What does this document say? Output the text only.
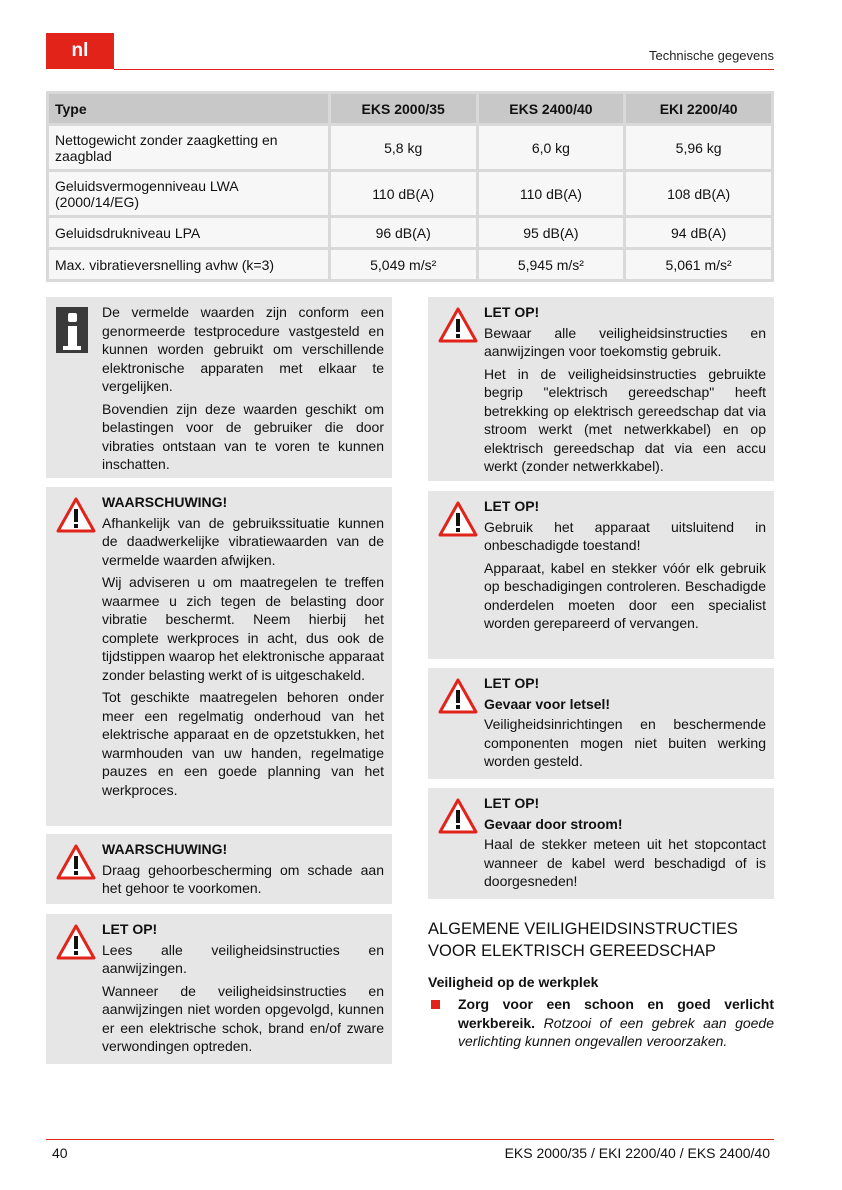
nl	Technische gegevens
Type	EKS 2000/35	EKS 2400/40	EKI 2200/40
Nettogewicht zonder zaagketting en zaagblad	5,8 kg	6,0 kg	5,96 kg
Geluidsvermogenniveau LWA (2000/14/EG)	110 dB(A)	110 dB(A)	108 dB(A)
Geluidsdrukniveau LPA	96 dB(A)	95 dB(A)	94 dB(A)
Max. vibratieversnelling avhw (k=3)	5,049 m/s²	5,945 m/s²	5,061 m/s²

De vermelde waarden zijn conform een genormeerde testprocedure vastgesteld en kunnen worden gebruikt om verschillende elektronische apparaten met elkaar te vergelijken.

Bovendien zijn deze waarden geschikt om belastingen voor de gebruiker die door vibraties ontstaan van te voren te kunnen inschatten.

WAARSCHUWING!

Afhankelijk van de gebruikssituatie kunnen de daadwerkelijke vibratiewaarden van de vermelde waarden afwijken.

Wij adviseren u om maatregelen te treffen waarmee u zich tegen de belasting door vibratie beschermt. Neem hierbij het complete werkproces in acht, dus ook de tijdstippen waarop het elektronische apparaat zonder belasting werkt of is uitgeschakeld.

Tot geschikte maatregelen behoren onder meer een regelmatig onderhoud van het elektrische apparaat en de opzetstukken, het warmhouden van uw handen, regelmatige pauzes en een goede planning van het werkproces.

WAARSCHUWING!

Draag gehoorbescherming om schade aan het gehoor te voorkomen.

LET OP!

Lees alle veiligheidsinstructies en aanwijzingen.

Wanneer de veiligheidsinstructies en aanwijzingen niet worden opgevolgd, kunnen er een elektrische schok, brand en/of zware verwondingen optreden.

LET OP!

Bewaar alle veiligheidsinstructies en aanwijzingen voor toekomstig gebruik.

Het in de veiligheidsinstructies gebruikte begrip "elektrisch gereedschap" heeft betrekking op elektrisch gereedschap dat via stroom werkt (met netwerkkabel) en op elektrisch gereedschap dat via een accu werkt (zonder netwerkkabel).

LET OP!

Gebruik het apparaat uitsluitend in onbeschadigde toestand!

Apparaat, kabel en stekker vóór elk gebruik op beschadigingen controleren. Beschadigde onderdelen moeten door een specialist worden gerepareerd of vervangen.

LET OP!
Gevaar voor letsel!

Veiligheidsinrichtingen en beschermende componenten mogen niet buiten werking worden gesteld.

LET OP!
Gevaar door stroom!

Haal de stekker meteen uit het stopcontact wanneer de kabel werd beschadigd of is doorgesneden!

ALGEMENE VEILIGHEIDSINSTRUCTIES VOOR ELEKTRISCH GEREEDSCHAP
Veiligheid op de werkplek
Zorg voor een schoon en goed verlicht werkbereik. Rotzooi of een gebrek aan goede verlichting kunnen ongevallen veroorzaken.
40	EKS 2000/35 / EKI 2200/40 / EKS 2400/40
